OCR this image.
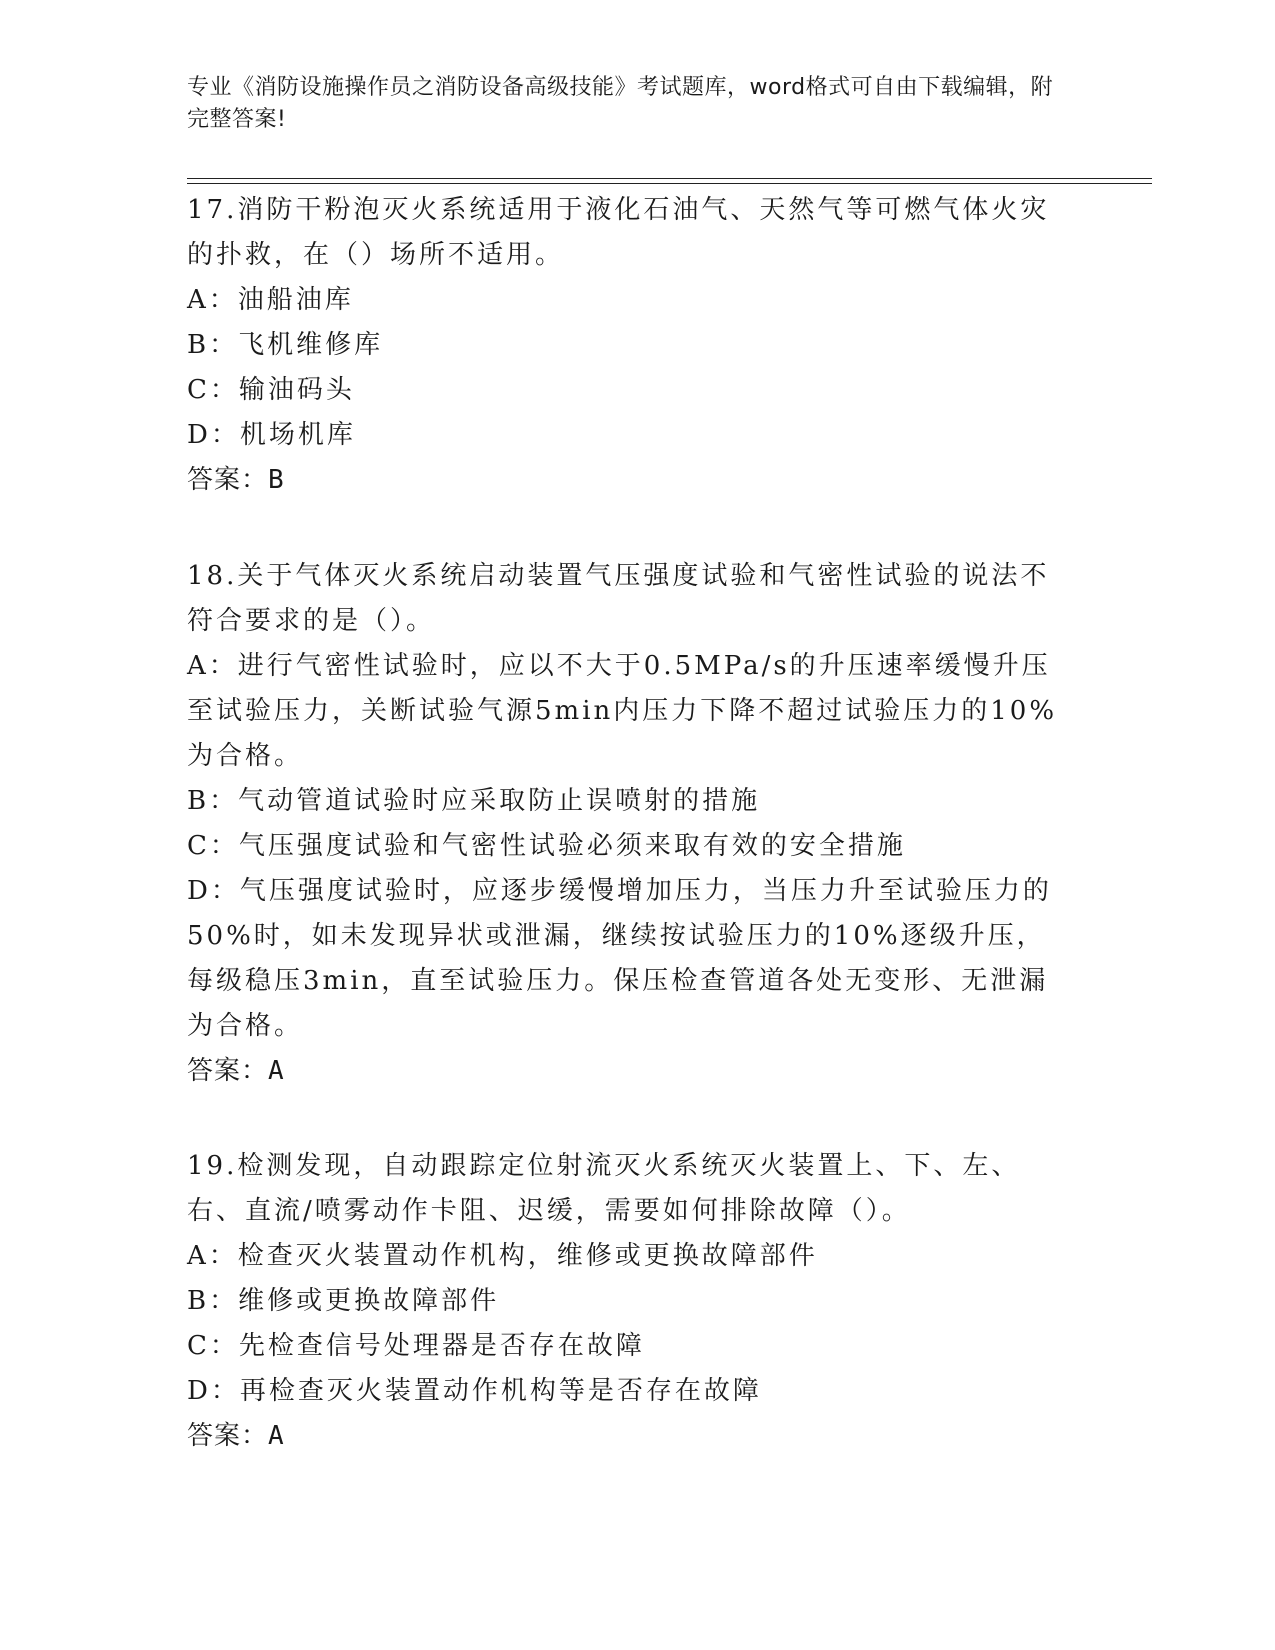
专业《消防设施操作员之消防设备高级技能》考试题库，word格式可自由下载编辑，附完整答案!

17.消防干粉泡灭火系统适用于液化石油气、天然气等可燃气体火灾的扑救，在（）场所不适用。

A：油船油库

B：飞机维修库

C：输油码头

D：机场机库

答案：B

18.关于气体灭火系统启动装置气压强度试验和气密性试验的说法不符合要求的是（）。

A：进行气密性试验时，应以不大于0.5MPa/s的升压速率缓慢升压至试验压力，关断试验气源5min内压力下降不超过试验压力的10%为合格。

B：气动管道试验时应采取防止误喷射的措施

C：气压强度试验和气密性试验必须来取有效的安全措施

D：气压强度试验时，应逐步缓慢增加压力，当压力升至试验压力的50%时，如未发现异状或泄漏，继续按试验压力的10%逐级升压，每级稳压3min，直至试验压力。保压检查管道各处无变形、无泄漏为合格。

答案：A

19.检测发现，自动跟踪定位射流灭火系统灭火装置上、下、左、右、直流/喷雾动作卡阻、迟缓，需要如何排除故障（）。

A：检查灭火装置动作机构，维修或更换故障部件

B：维修或更换故障部件

C：先检查信号处理器是否存在故障

D：再检查灭火装置动作机构等是否存在故障

答案：A
